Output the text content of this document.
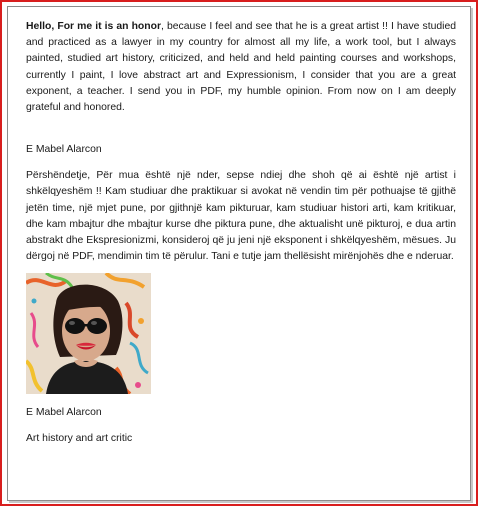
Hello, For me it is an honor, because I feel and see that he is a great artist !! I have studied and practiced as a lawyer in my country for almost all my life, a work tool, but I always painted, studied art history, criticized, and held and held painting courses and workshops, currently I paint, I love abstract art and Expressionism, I consider that you are a great exponent, a teacher. I send you in PDF, my humble opinion. From now on I am deeply grateful and honored.

E Mabel Alarcon

Përshëndetje, Për mua është një nder, sepse ndiej dhe shoh që ai është një artist i shkëlqyeshëm !! Kam studiuar dhe praktikuar si avokat në vendin tim për pothuajse të gjithë jetën time, një mjet pune, por gjithnjë kam pikturuar, kam studiuar histori arti, kam kritikuar, dhe kam mbajtur dhe mbajtur kurse dhe piktura pune, dhe aktualisht unë pikturoj, e dua artin abstrakt dhe Ekspresionizmi, konsideroj që ju jeni një eksponent i shkëlqyeshëm, mësues. Ju dërgoj në PDF, mendimin tim të përulur. Tani e tutje jam thellësisht mirënjohës dhe e nderuar.

E Mabel Alarcon

Art history and art critic
